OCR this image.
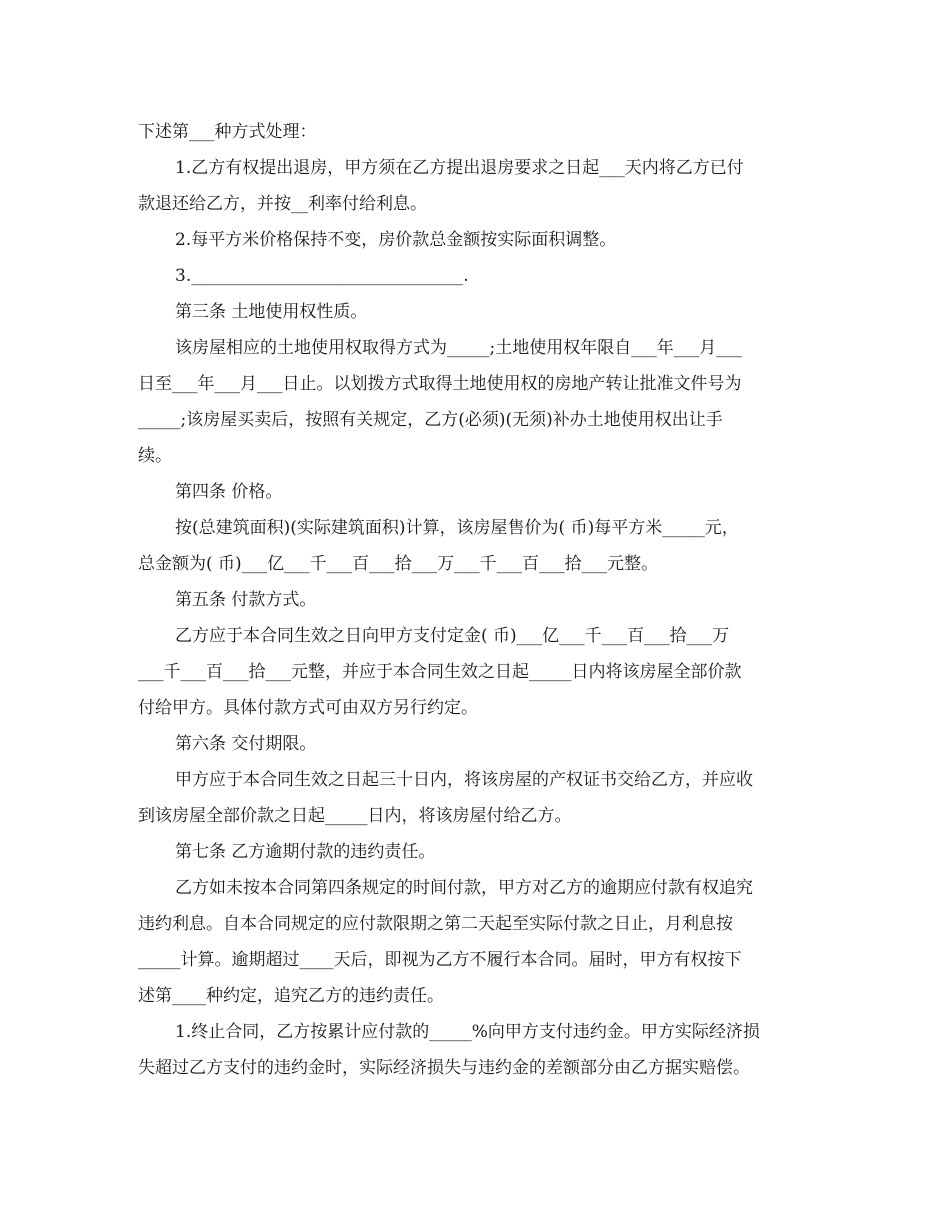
下述第___种方式处理：
1.乙方有权提出退房，甲方须在乙方提出退房要求之日起___天内将乙方已付
款退还给乙方，并按__利率付给利息。
2.每平方米价格保持不变，房价款总金额按实际面积调整。
3.________________________________.
第三条 土地使用权性质。
该房屋相应的土地使用权取得方式为_____;土地使用权年限自___年___月___
日至___年___月___日止。以划拨方式取得土地使用权的房地产转让批准文件号为
_____;该房屋买卖后，按照有关规定，乙方(必须)(无须)补办土地使用权出让手
续。
第四条 价格。
按(总建筑面积)(实际建筑面积)计算，该房屋售价为( 币)每平方米_____元，
总金额为( 币)___亿___千___百___拾___万___千___百___拾___元整。
第五条 付款方式。
乙方应于本合同生效之日向甲方支付定金( 币)___亿___千___百___拾___万
___千___百___拾___元整，并应于本合同生效之日起_____日内将该房屋全部价款
付给甲方。具体付款方式可由双方另行约定。
第六条 交付期限。
甲方应于本合同生效之日起三十日内，将该房屋的产权证书交给乙方，并应收
到该房屋全部价款之日起_____日内，将该房屋付给乙方。
第七条 乙方逾期付款的违约责任。
乙方如未按本合同第四条规定的时间付款，甲方对乙方的逾期应付款有权追究
违约利息。自本合同规定的应付款限期之第二天起至实际付款之日止，月利息按
_____计算。逾期超过____天后，即视为乙方不履行本合同。届时，甲方有权按下
述第____种约定，追究乙方的违约责任。
1.终止合同，乙方按累计应付款的_____%向甲方支付违约金。甲方实际经济损
失超过乙方支付的违约金时，实际经济损失与违约金的差额部分由乙方据实赔偿。
